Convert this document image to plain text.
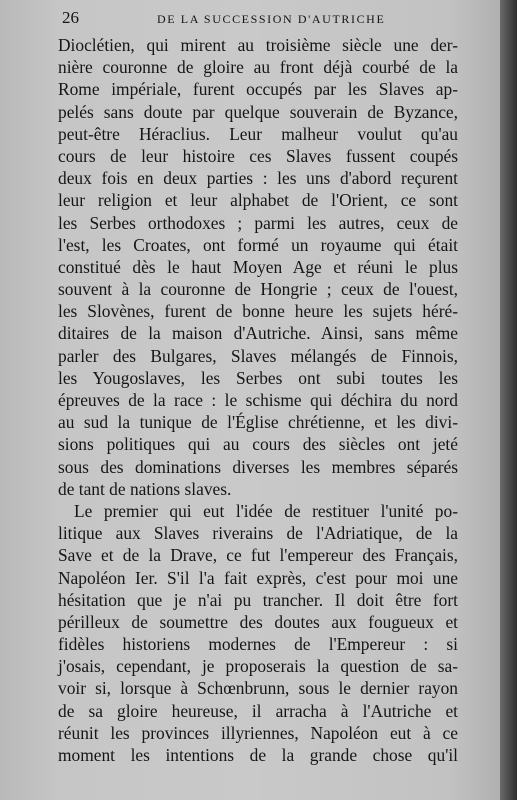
26	DE LA SUCCESSION D'AUTRICHE
Dioclétien, qui mirent au troisième siècle une der-
nière couronne de gloire au front déjà courbé de la
Rome impériale, furent occupés par les Slaves ap-
pelés sans doute par quelque souverain de Byzance,
peut-être Héraclius. Leur malheur voulut qu'au
cours de leur histoire ces Slaves fussent coupés
deux fois en deux parties : les uns d'abord reçurent
leur religion et leur alphabet de l'Orient, ce sont
les Serbes orthodoxes ; parmi les autres, ceux de
l'est, les Croates, ont formé un royaume qui était
constitué dès le haut Moyen Age et réuni le plus
souvent à la couronne de Hongrie ; ceux de l'ouest,
les Slovènes, furent de bonne heure les sujets héré-
ditaires de la maison d'Autriche. Ainsi, sans même
parler des Bulgares, Slaves mélangés de Finnois,
les Yougoslaves, les Serbes ont subi toutes les
épreuves de la race : le schisme qui déchira du nord
au sud la tunique de l'Église chrétienne, et les divi-
sions politiques qui au cours des siècles ont jeté
sous des dominations diverses les membres séparés
de tant de nations slaves.
Le premier qui eut l'idée de restituer l'unité po-
litique aux Slaves riverains de l'Adriatique, de la
Save et de la Drave, ce fut l'empereur des Français,
Napoléon Ier. S'il l'a fait exprès, c'est pour moi une
hésitation que je n'ai pu trancher. Il doit être fort
périlleux de soumettre des doutes aux fougueux et
fidèles historiens modernes de l'Empereur : si
j'osais, cependant, je proposerais la question de sa-
voir si, lorsque à Schœnbrunn, sous le dernier rayon
de sa gloire heureuse, il arracha à l'Autriche et
réunit les provinces illyriennes, Napoléon eut à ce
moment les intentions de la grande chose qu'il
